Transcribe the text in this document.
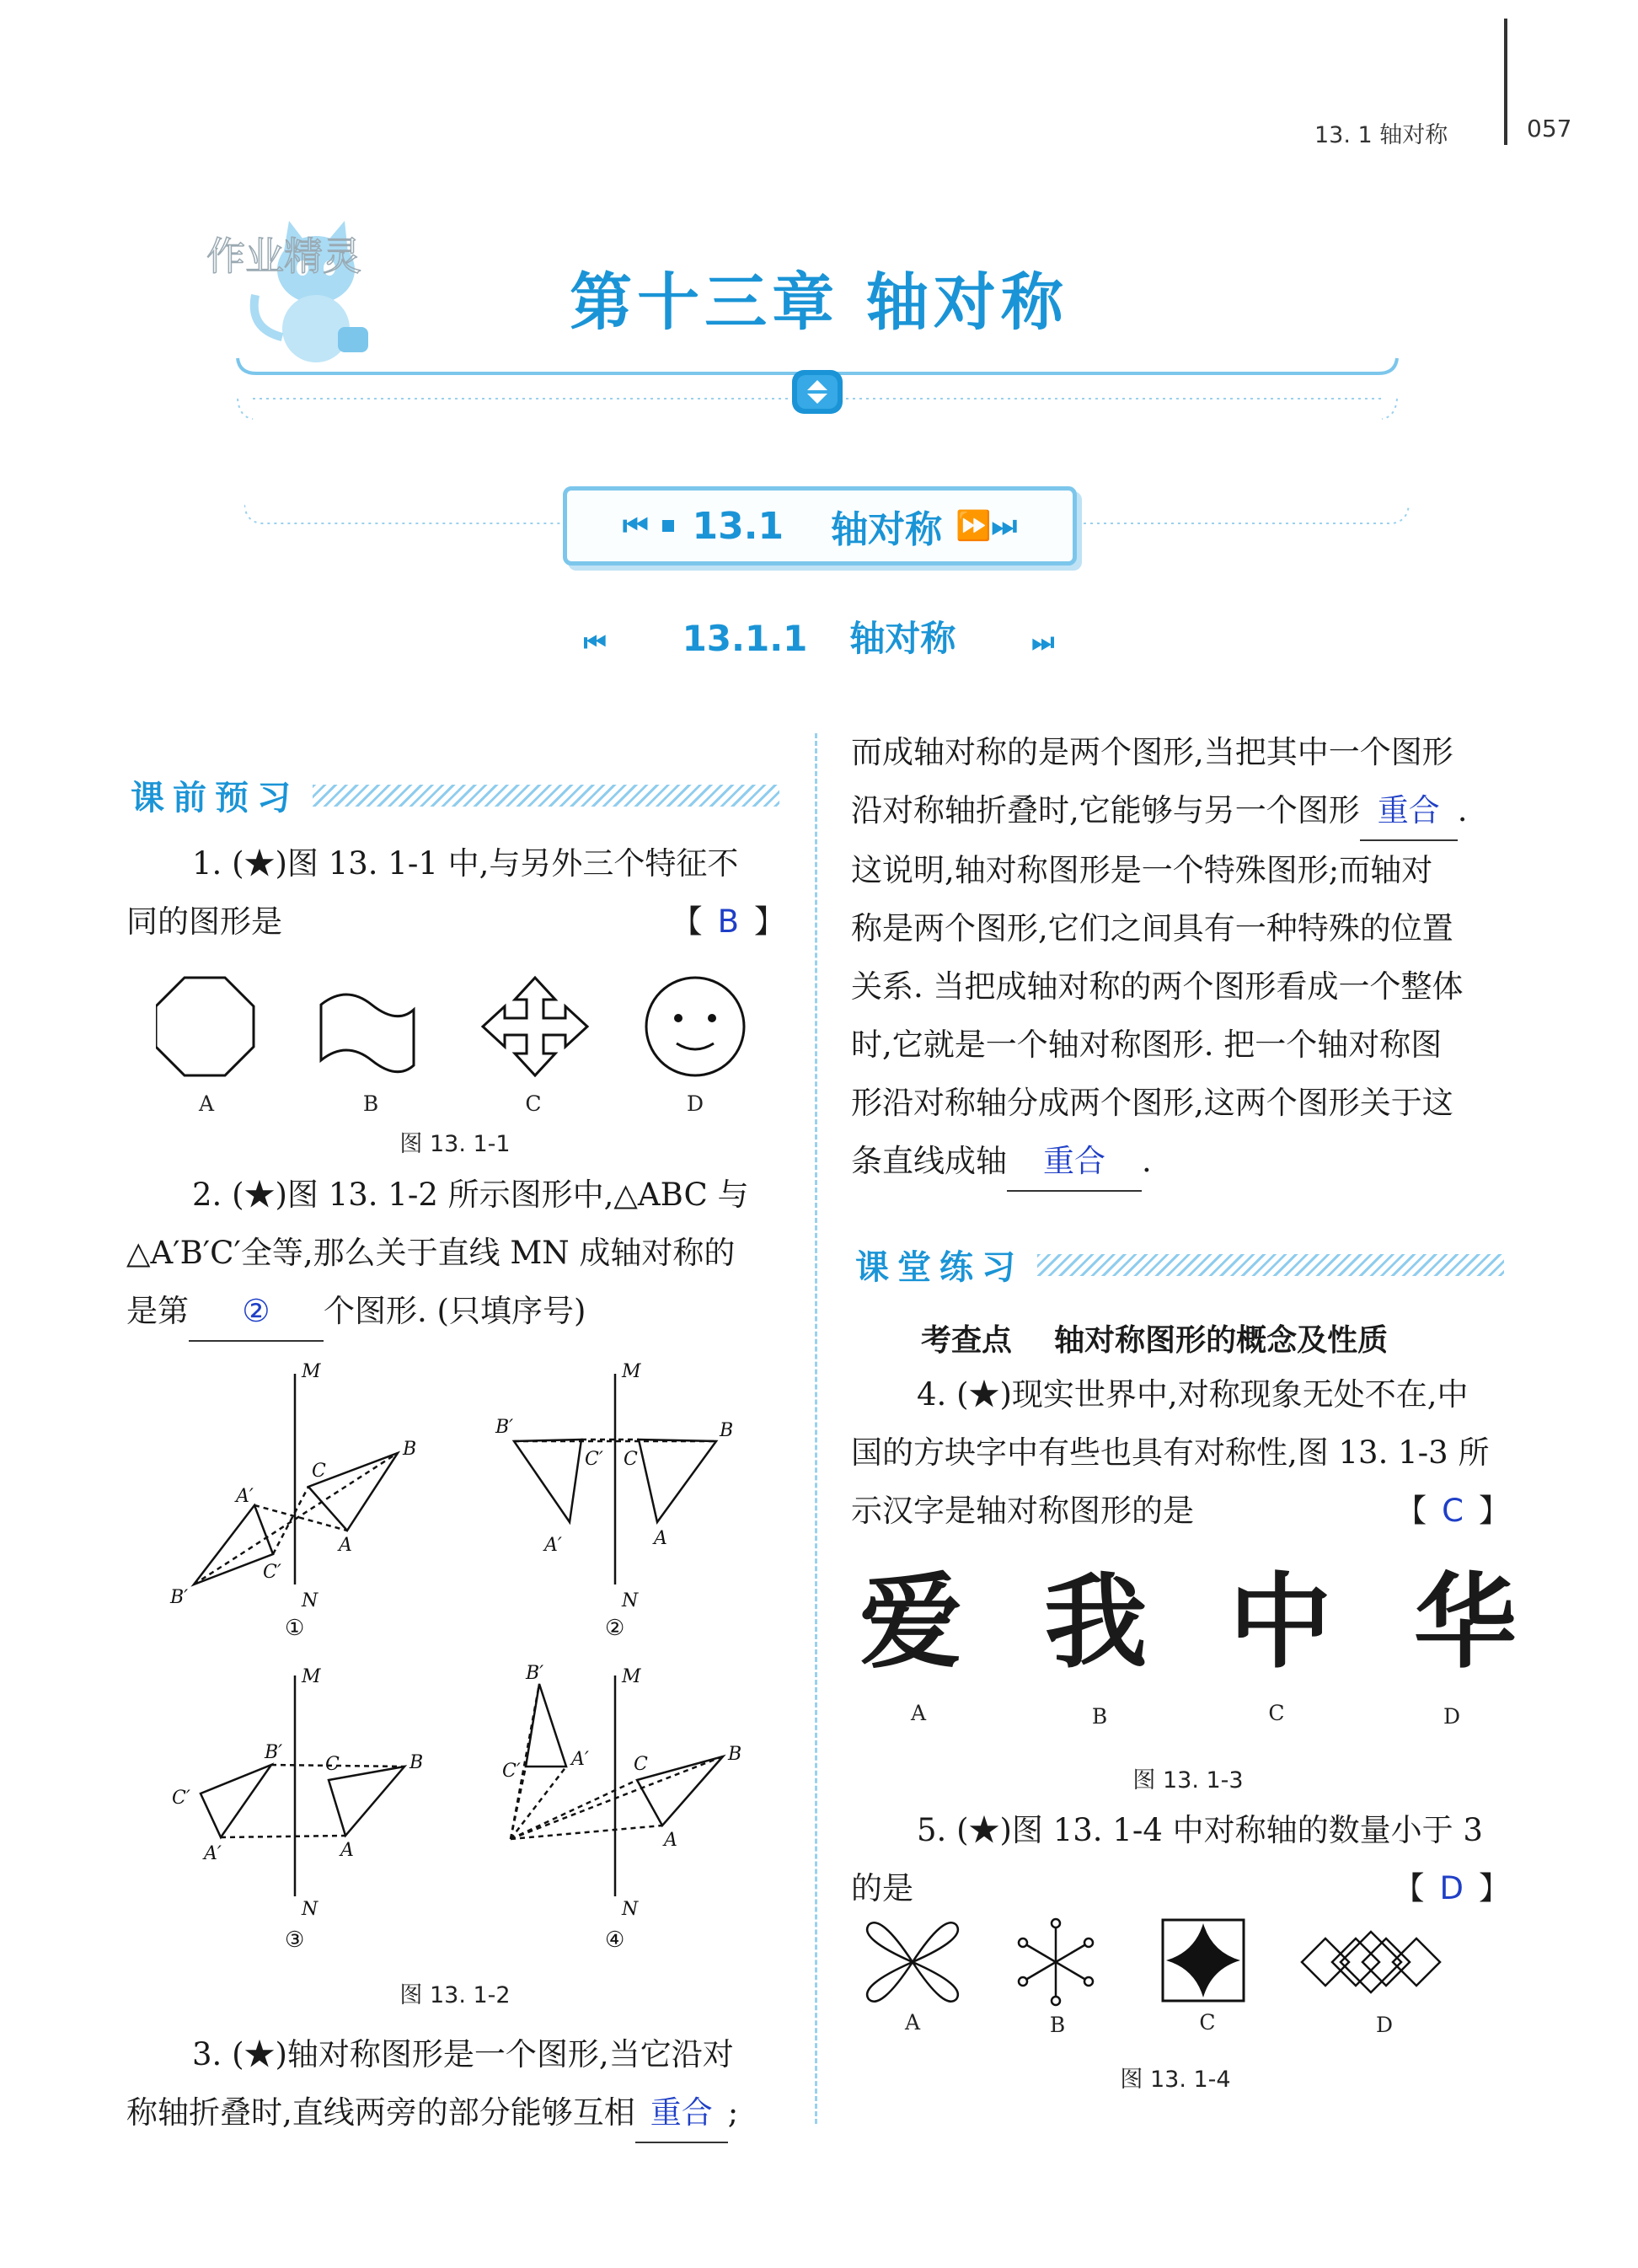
13. 1 轴对称	057
作业精灵
第十三章 轴对称
⏮ 13.1 轴对称 ⏩⏭
⏮ 13.1.1 轴对称	⏭
课前预习
1. (★)图 13. 1-1 中,与另外三个特征不
同的图形是	【 B 】
A	B	C	D
图 13. 1-1
2. (★)图 13. 1-2 所示图形中,△ABC 与
△A′B′C′全等,那么关于直线 MN 成轴对称的
是第 ② 个图形. (只填序号)
M
N
B
C
A
A′
B′
C′
①
M
N
B′
C′ C
B
A′	A
②
M
N
B′
C′
A′
C	B
A
③
M
N
B′
A′
C′	C	B
A
④
图 13. 1-2
3. (★)轴对称图形是一个图形,当它沿对
称轴折叠时,直线两旁的部分能够互相 重合 ;
而成轴对称的是两个图形,当把其中一个图形
沿对称轴折叠时,它能够与另一个图形 重合 .
这说明,轴对称图形是一个特殊图形;而轴对
称是两个图形,它们之间具有一种特殊的位置
关系. 当把成轴对称的两个图形看成一个整体
时,它就是一个轴对称图形. 把一个轴对称图
形沿对称轴分成两个图形,这两个图形关于这
条直线成轴 重合 .
课堂练习
考查点    轴对称图形的概念及性质
4. (★)现实世界中,对称现象无处不在,中
国的方块字中有些也具有对称性,图 13. 1-3 所
示汉字是轴对称图形的是	【 C 】
爱 我 中 华
A	B	C	D
图 13. 1-3
5. (★)图 13. 1-4 中对称轴的数量小于 3
的是	【 D 】
A	B	C	D
图 13. 1-4
